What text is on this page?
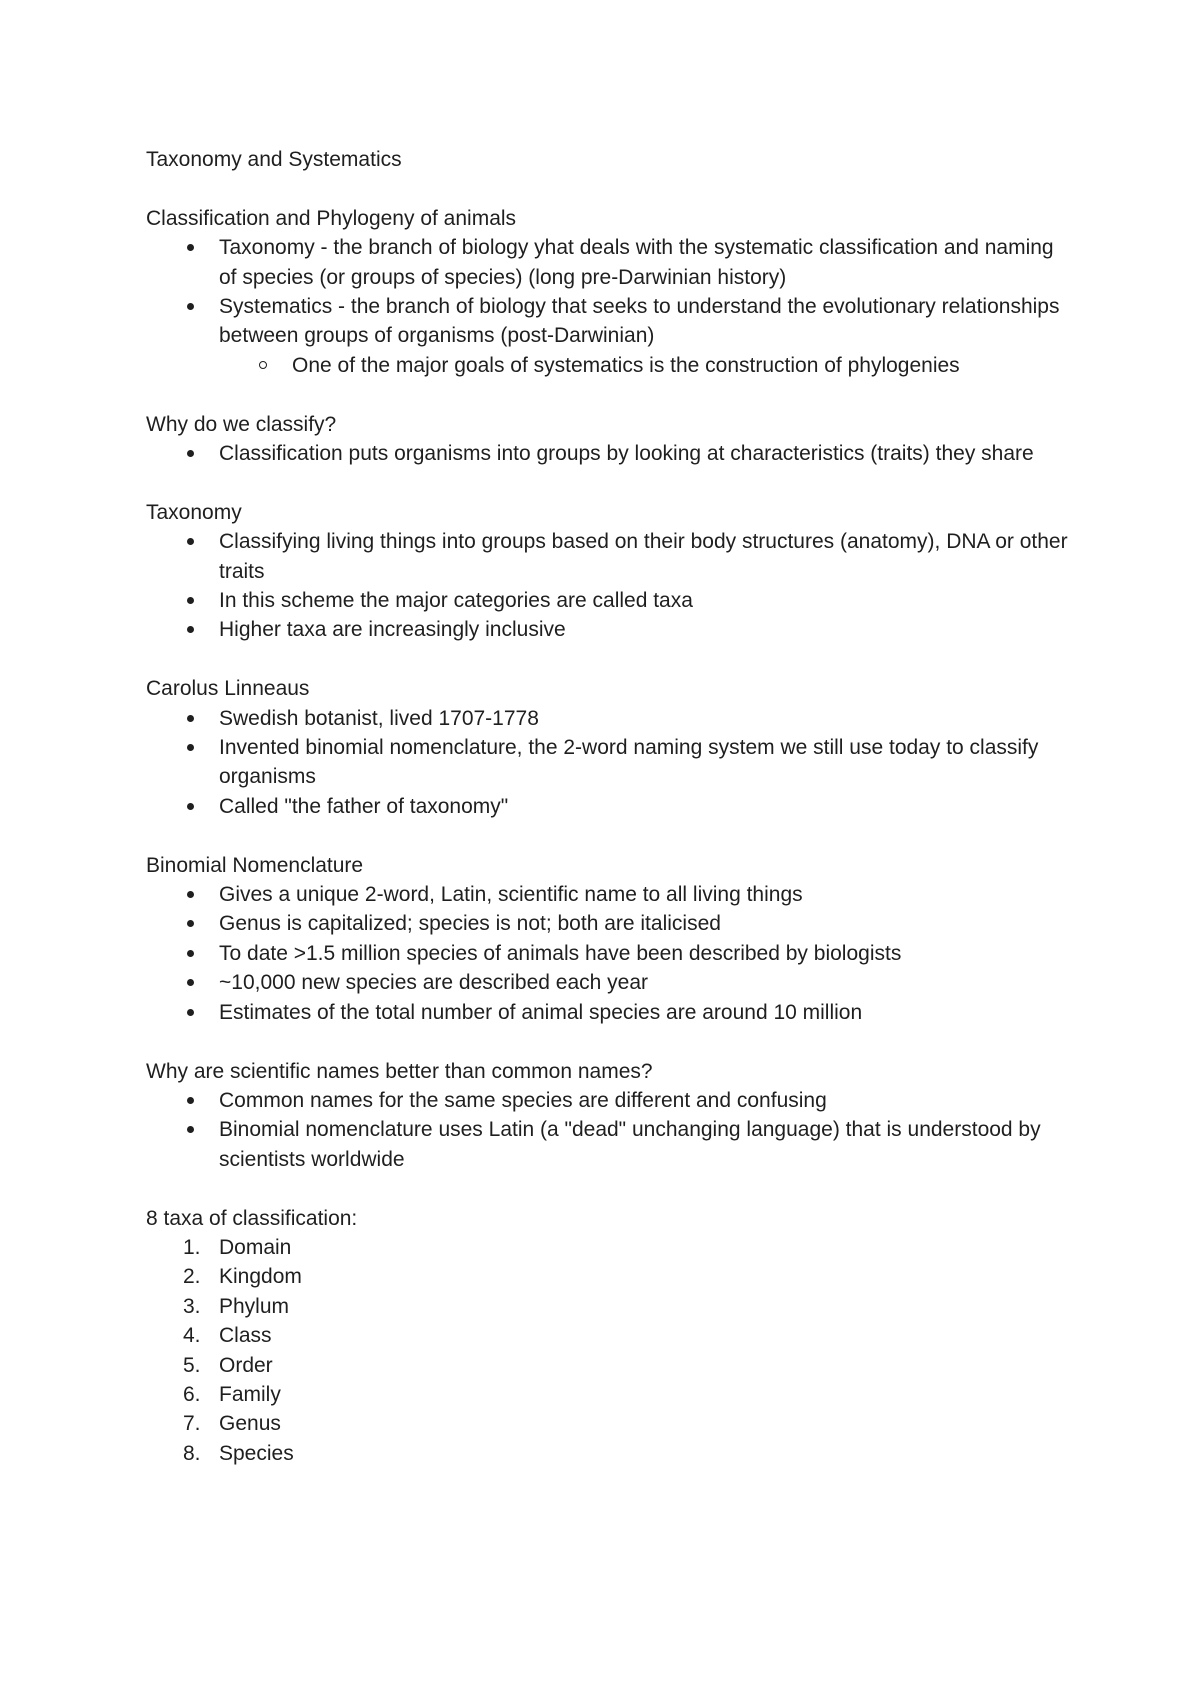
Taxonomy and Systematics

Classification and Phylogeny of animals

Taxonomy - the branch of biology yhat deals with the systematic classification and naming of species (or groups of species) (long pre-Darwinian history)
Systematics - the branch of biology that seeks to understand the evolutionary relationships between groups of organisms (post-Darwinian)
One of the major goals of systematics is the construction of phylogenies

Why do we classify?

Classification puts organisms into groups by looking at characteristics (traits) they share

Taxonomy

Classifying living things into groups based on their body structures (anatomy), DNA or other traits
In this scheme the major categories are called taxa
Higher taxa are increasingly inclusive

Carolus Linneaus

Swedish botanist, lived 1707-1778
Invented binomial nomenclature, the 2-word naming system we still use today to classify organisms
Called "the father of taxonomy"

Binomial Nomenclature

Gives a unique 2-word, Latin, scientific name to all living things
Genus is capitalized; species is not; both are italicised
To date >1.5 million species of animals have been described by biologists
~10,000 new species are described each year
Estimates of the total number of animal species are around 10 million

Why are scientific names better than common names?

Common names for the same species are different and confusing
Binomial nomenclature uses Latin (a "dead" unchanging language) that is understood by scientists worldwide

8 taxa of classification:

1. Domain
2. Kingdom
3. Phylum
4. Class
5. Order
6. Family
7. Genus
8. Species
